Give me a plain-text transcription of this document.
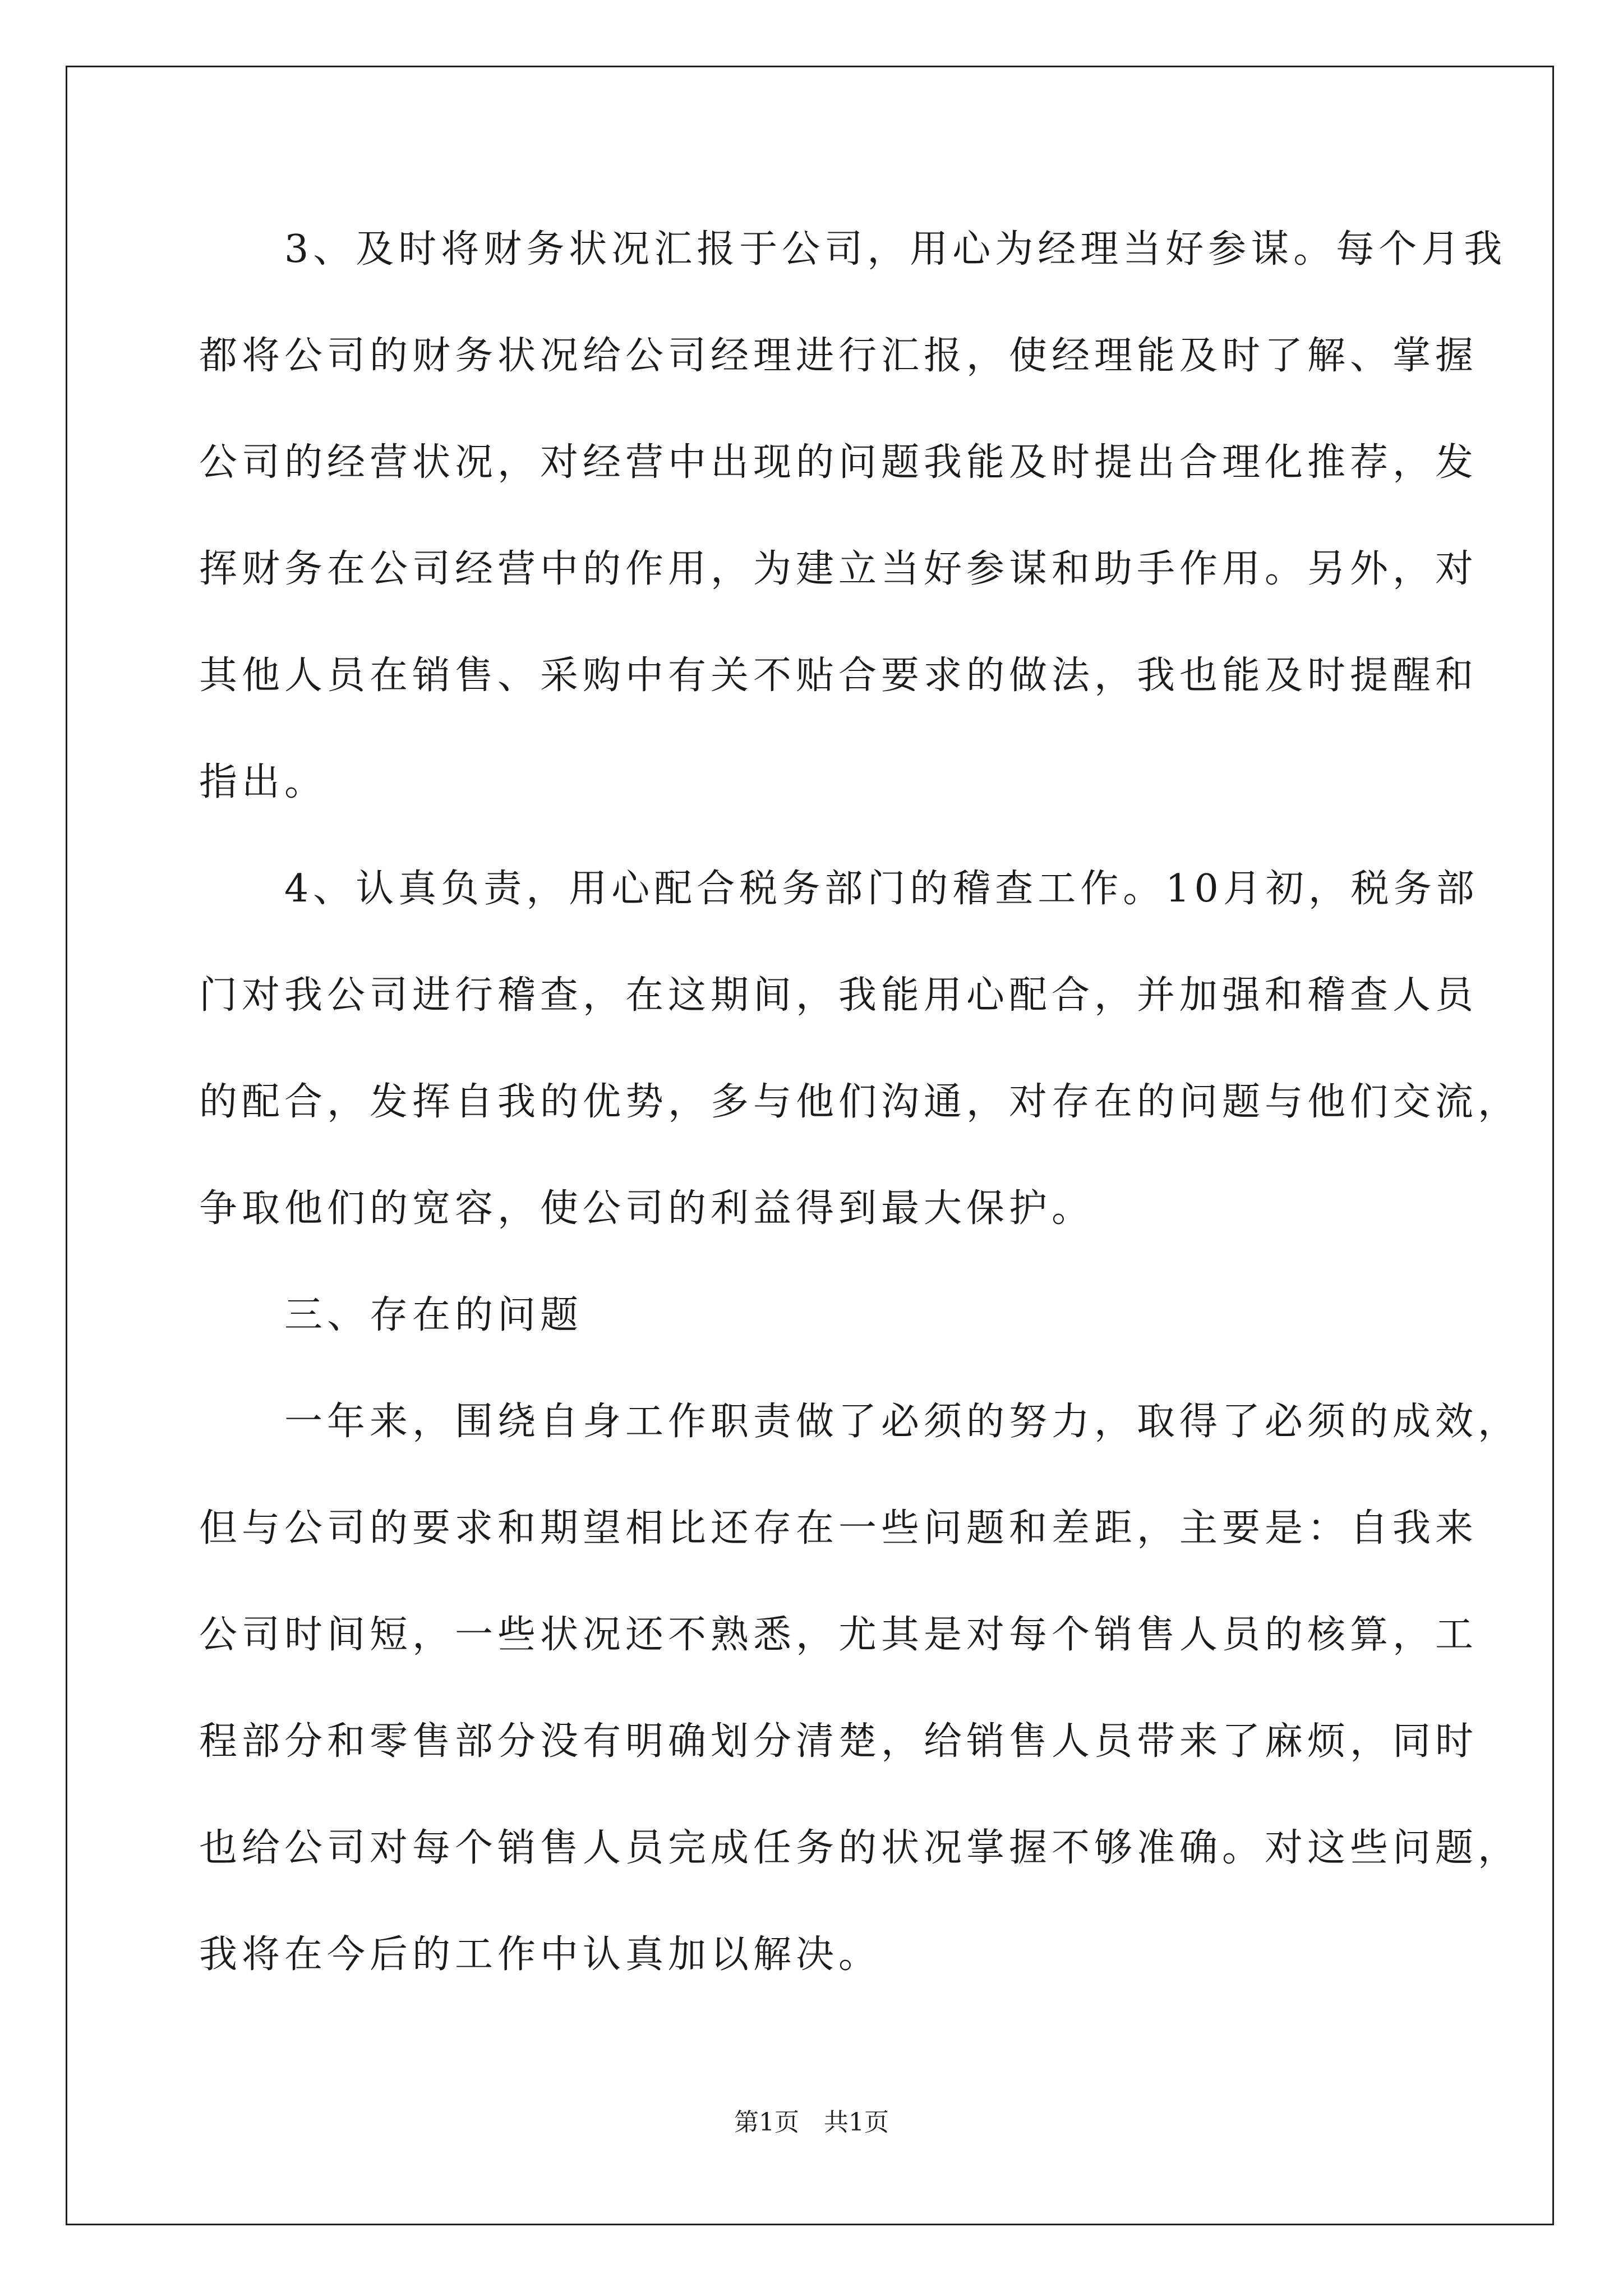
　　3、及时将财务状况汇报于公司，用心为经理当好参谋。每个月我
都将公司的财务状况给公司经理进行汇报，使经理能及时了解、掌握
公司的经营状况，对经营中出现的问题我能及时提出合理化推荐，发
挥财务在公司经营中的作用，为建立当好参谋和助手作用。另外，对
其他人员在销售、采购中有关不贴合要求的做法，我也能及时提醒和
指出。
　　4、认真负责，用心配合税务部门的稽查工作。10月初，税务部
门对我公司进行稽查，在这期间，我能用心配合，并加强和稽查人员
的配合，发挥自我的优势，多与他们沟通，对存在的问题与他们交流，
争取他们的宽容，使公司的利益得到最大保护。
　　三、存在的问题
　　一年来，围绕自身工作职责做了必须的努力，取得了必须的成效，
但与公司的要求和期望相比还存在一些问题和差距，主要是：自我来
公司时间短，一些状况还不熟悉，尤其是对每个销售人员的核算，工
程部分和零售部分没有明确划分清楚，给销售人员带来了麻烦，同时
也给公司对每个销售人员完成任务的状况掌握不够准确。对这些问题，
我将在今后的工作中认真加以解决。
第1页　共1页
